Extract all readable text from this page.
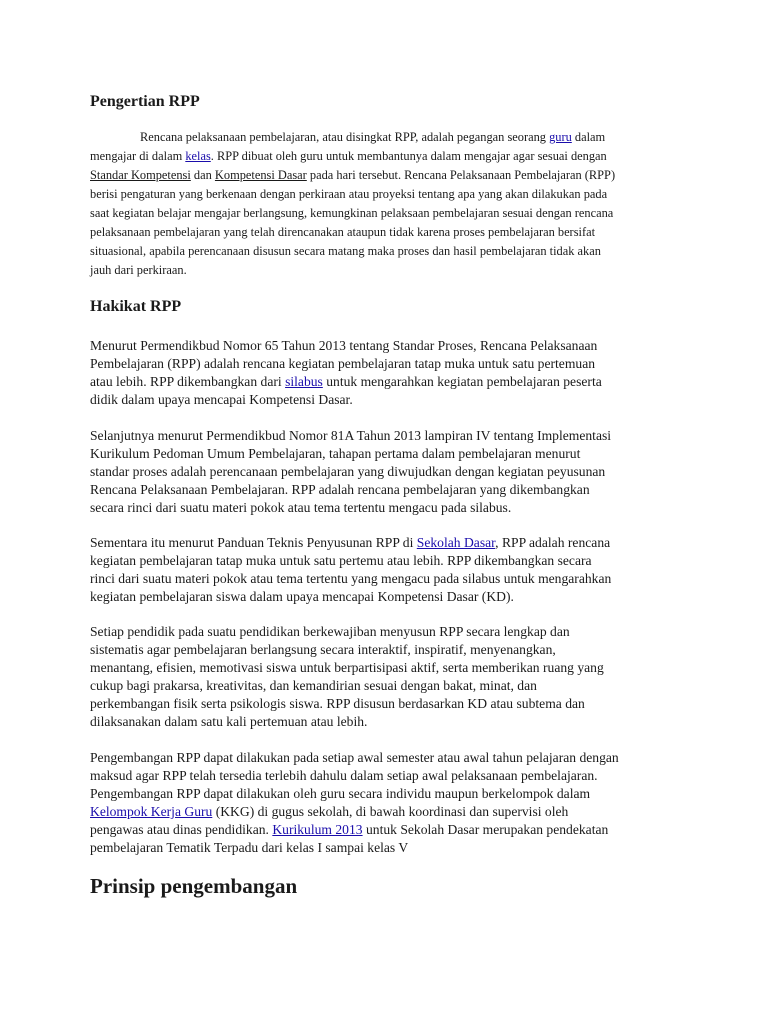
Pengertian RPP

Rencana pelaksanaan pembelajaran, atau disingkat RPP, adalah pegangan seorang guru dalam
mengajar di dalam kelas. RPP dibuat oleh guru untuk membantunya dalam mengajar agar sesuai dengan
Standar Kompetensi dan Kompetensi Dasar pada hari tersebut. Rencana Pelaksanaan Pembelajaran (RPP)
berisi pengaturan yang berkenaan dengan perkiraan atau proyeksi tentang apa yang akan dilakukan pada
saat kegiatan belajar mengajar berlangsung, kemungkinan pelaksaan pembelajaran sesuai dengan rencana
pelaksanaan pembelajaran yang telah direncanakan ataupun tidak karena proses pembelajaran bersifat
situasional, apabila perencanaan disusun secara matang maka proses dan hasil pembelajaran tidak akan
jauh dari perkiraan.

Hakikat RPP

Menurut Permendikbud Nomor 65 Tahun 2013 tentang Standar Proses, Rencana Pelaksanaan
Pembelajaran (RPP) adalah rencana kegiatan pembelajaran tatap muka untuk satu pertemuan
atau lebih. RPP dikembangkan dari silabus untuk mengarahkan kegiatan pembelajaran peserta
didik dalam upaya mencapai Kompetensi Dasar.

Selanjutnya menurut Permendikbud Nomor 81A Tahun 2013 lampiran IV tentang Implementasi
Kurikulum Pedoman Umum Pembelajaran, tahapan pertama dalam pembelajaran menurut
standar proses adalah perencanaan pembelajaran yang diwujudkan dengan kegiatan peyusunan
Rencana Pelaksanaan Pembelajaran. RPP adalah rencana pembelajaran yang dikembangkan
secara rinci dari suatu materi pokok atau tema tertentu mengacu pada silabus.

Sementara itu menurut Panduan Teknis Penyusunan RPP di Sekolah Dasar, RPP adalah rencana
kegiatan pembelajaran tatap muka untuk satu pertemu atau lebih. RPP dikembangkan secara
rinci dari suatu materi pokok atau tema tertentu yang mengacu pada silabus untuk mengarahkan
kegiatan pembelajaran siswa dalam upaya mencapai Kompetensi Dasar (KD).

Setiap pendidik pada suatu pendidikan berkewajiban menyusun RPP secara lengkap dan
sistematis agar pembelajaran berlangsung secara interaktif, inspiratif, menyenangkan,
menantang, efisien, memotivasi siswa untuk berpartisipasi aktif, serta memberikan ruang yang
cukup bagi prakarsa, kreativitas, dan kemandirian sesuai dengan bakat, minat, dan
perkembangan fisik serta psikologis siswa. RPP disusun berdasarkan KD atau subtema dan
dilaksanakan dalam satu kali pertemuan atau lebih.

Pengembangan RPP dapat dilakukan pada setiap awal semester atau awal tahun pelajaran dengan
maksud agar RPP telah tersedia terlebih dahulu dalam setiap awal pelaksanaan pembelajaran.
Pengembangan RPP dapat dilakukan oleh guru secara individu maupun berkelompok dalam
Kelompok Kerja Guru (KKG) di gugus sekolah, di bawah koordinasi dan supervisi oleh
pengawas atau dinas pendidikan. Kurikulum 2013 untuk Sekolah Dasar merupakan pendekatan
pembelajaran Tematik Terpadu dari kelas I sampai kelas V

Prinsip pengembangan
